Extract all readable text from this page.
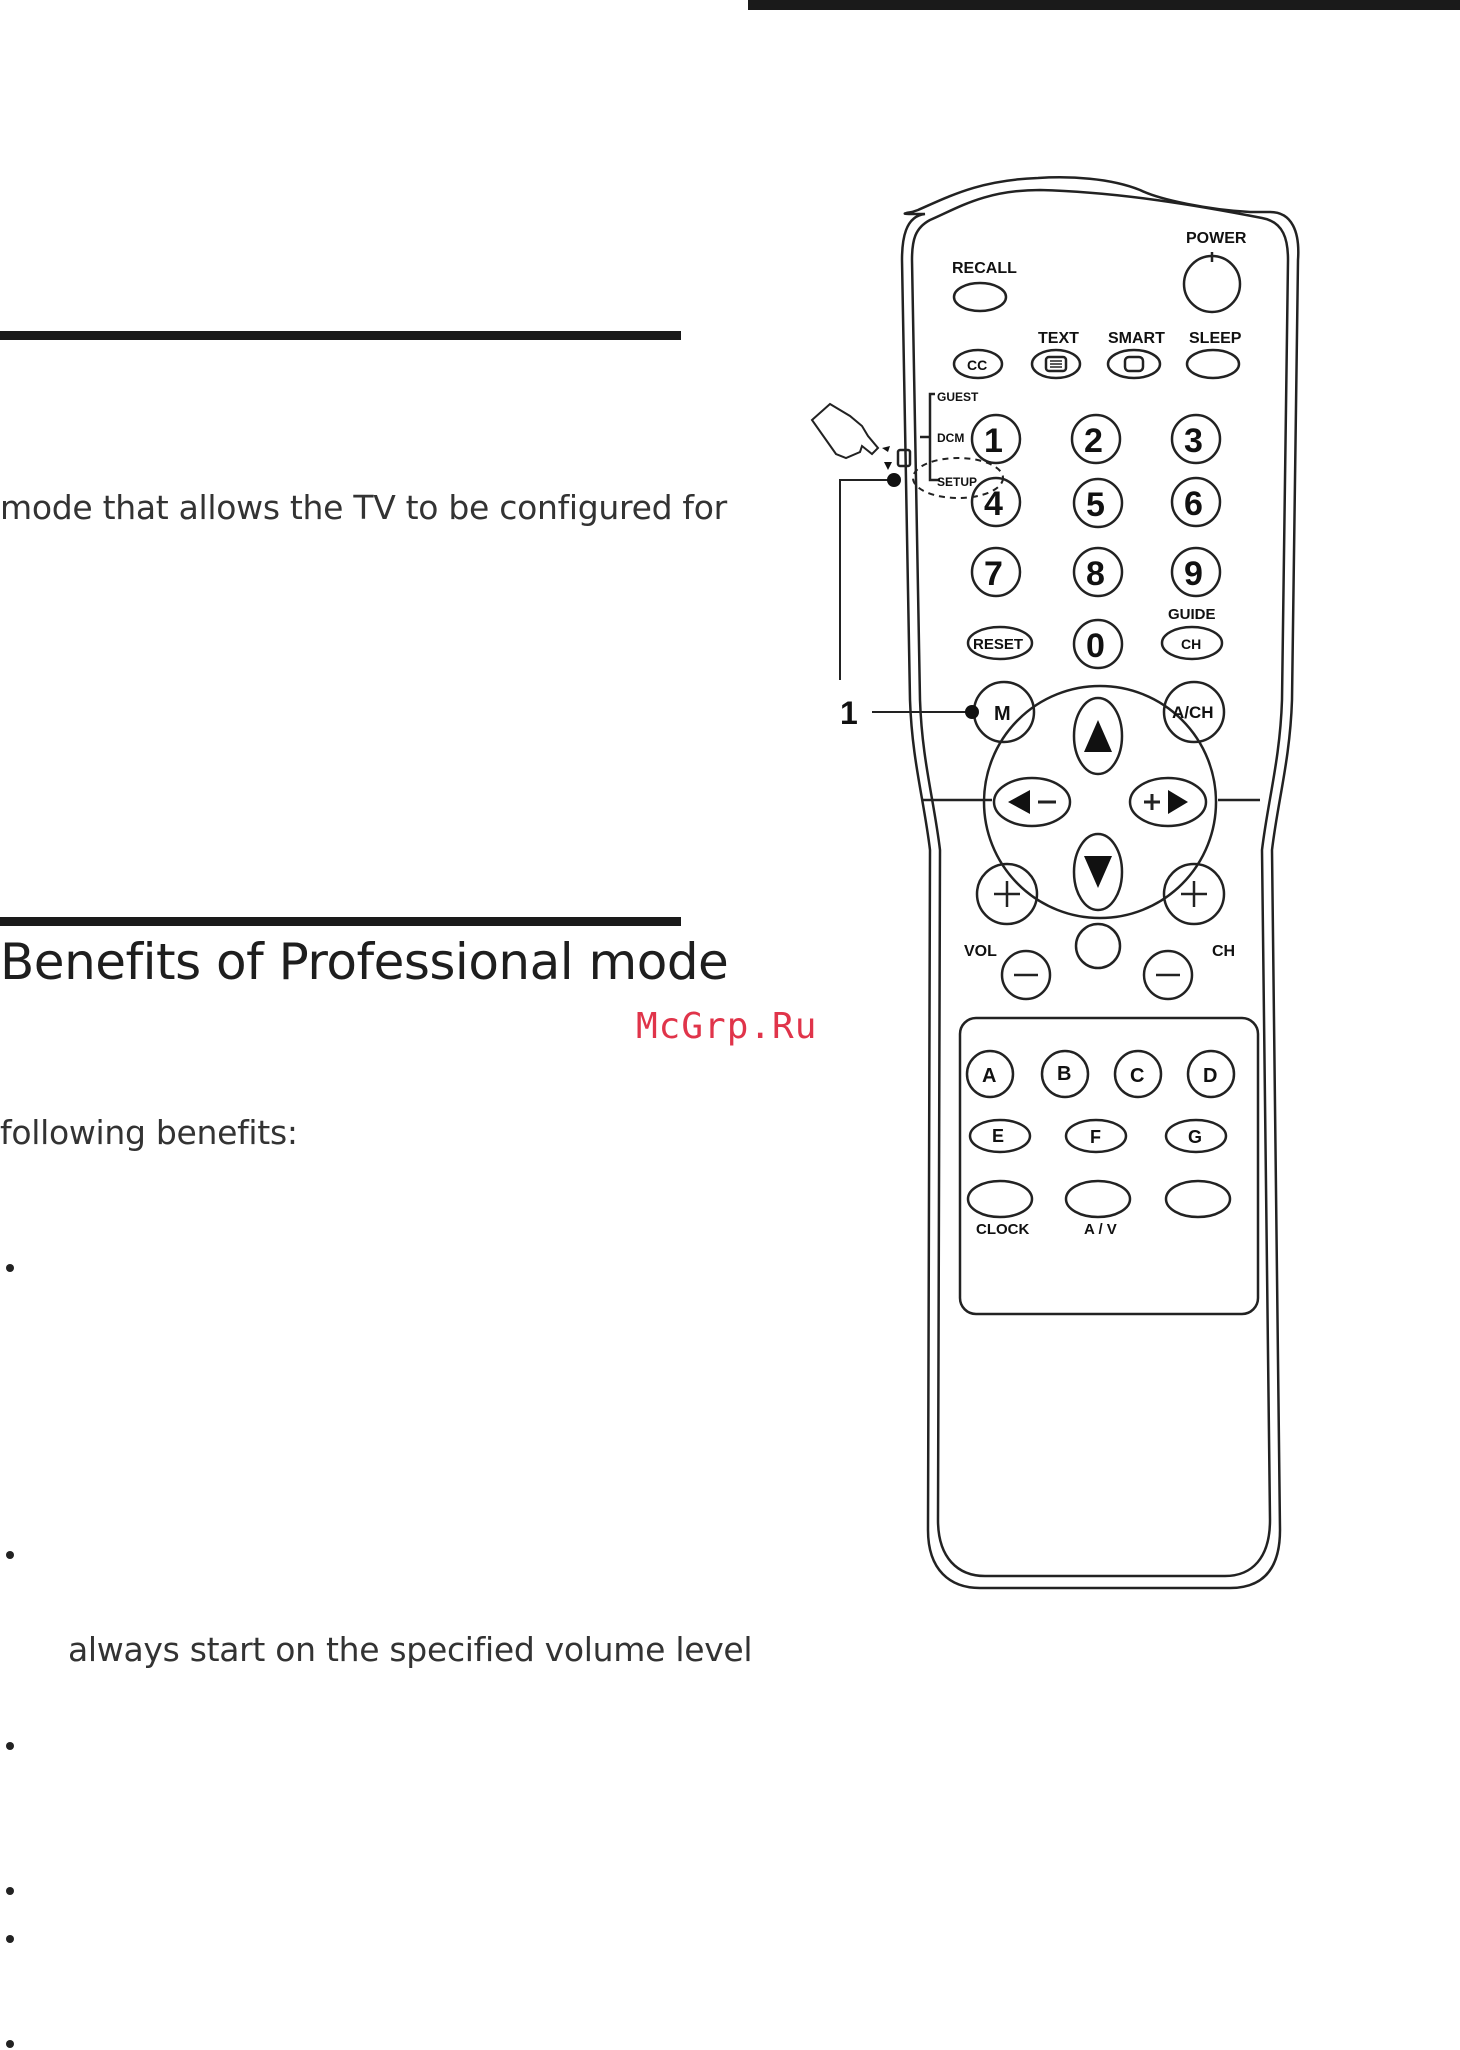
mode that allows the TV to be configured for
Benefits of Professional mode
McGrp.Ru
following benefits:
always start on the specified volume level
POWER
RECALL
TEXT SMART SLEEP
CC
GUEST
DCM
SETUP
1 2 3
4 5 6
7 8 9
0
RESET
GUIDE
CH
M	A/CH
VOL	CH
A	B	C	D
E	F	G
CLOCK	A / V
1
